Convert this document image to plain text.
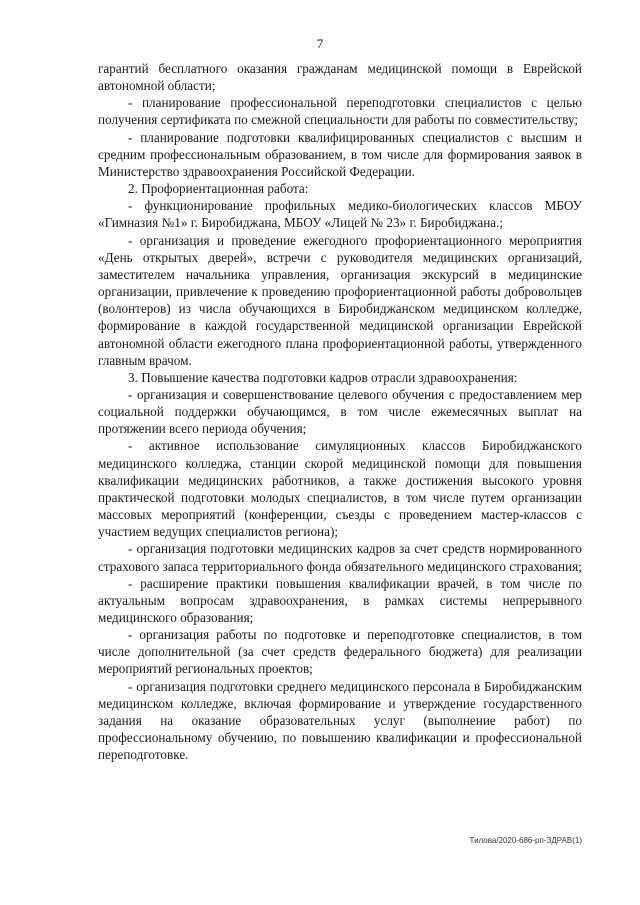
7

гарантий бесплатного оказания гражданам медицинской помощи в Еврейской автономной области;

- планирование профессиональной переподготовки специалистов с целью получения сертификата по смежной специальности для работы по совместительству;

- планирование подготовки квалифицированных специалистов с высшим и средним профессиональным образованием, в том числе для формирования заявок в Министерство здравоохранения Российской Федерации.

2. Профориентационная работа:

- функционирование профильных медико-биологических классов МБОУ «Гимназия №1» г. Биробиджана, МБОУ «Лицей № 23» г. Биробиджана.;

- организация и проведение ежегодного профориентационного мероприятия «День открытых дверей», встречи с руководителя медицинских организаций, заместителем начальника управления, организация экскурсий в медицинские организации, привлечение к проведению профориентационной работы добровольцев (волонтеров) из числа обучающихся в Биробиджанском медицинском колледже, формирование в каждой государственной медицинской организации Еврейской автономной области ежегодного плана профориентационной работы, утвержденного главным врачом.

3. Повышение качества подготовки кадров отрасли здравоохранения:

- организация и совершенствование целевого обучения с предоставлением мер социальной поддержки обучающимся, в том числе ежемесячных выплат на протяжении всего периода обучения;

- активное использование симуляционных классов Биробиджанского медицинского колледжа, станции скорой медицинской помощи для повышения квалификации медицинских работников, а также достижения высокого уровня практической подготовки молодых специалистов, в том числе путем организации массовых мероприятий (конференции, съезды с проведением мастер-классов с участием ведущих специалистов региона);

- организация подготовки медицинских кадров за счет средств нормированного страхового запаса территориального фонда обязательного медицинского страхования;

- расширение практики повышения квалификации врачей, в том числе по актуальным вопросам здравоохранения, в рамках системы непрерывного медицинского образования;

- организация работы по подготовке и переподготовке специалистов, в том числе дополнительной (за счет средств федерального бюджета) для реализации мероприятий региональных проектов;

- организация подготовки среднего медицинского персонала в Биробиджанским медицинском колледже, включая формирование и утверждение государственного задания на оказание образовательных услуг (выполнение работ) по профессиональному обучению, по повышению квалификации и профессиональной переподготовке.

Тилова/2020-686-рп-ЗДРАВ(1)
